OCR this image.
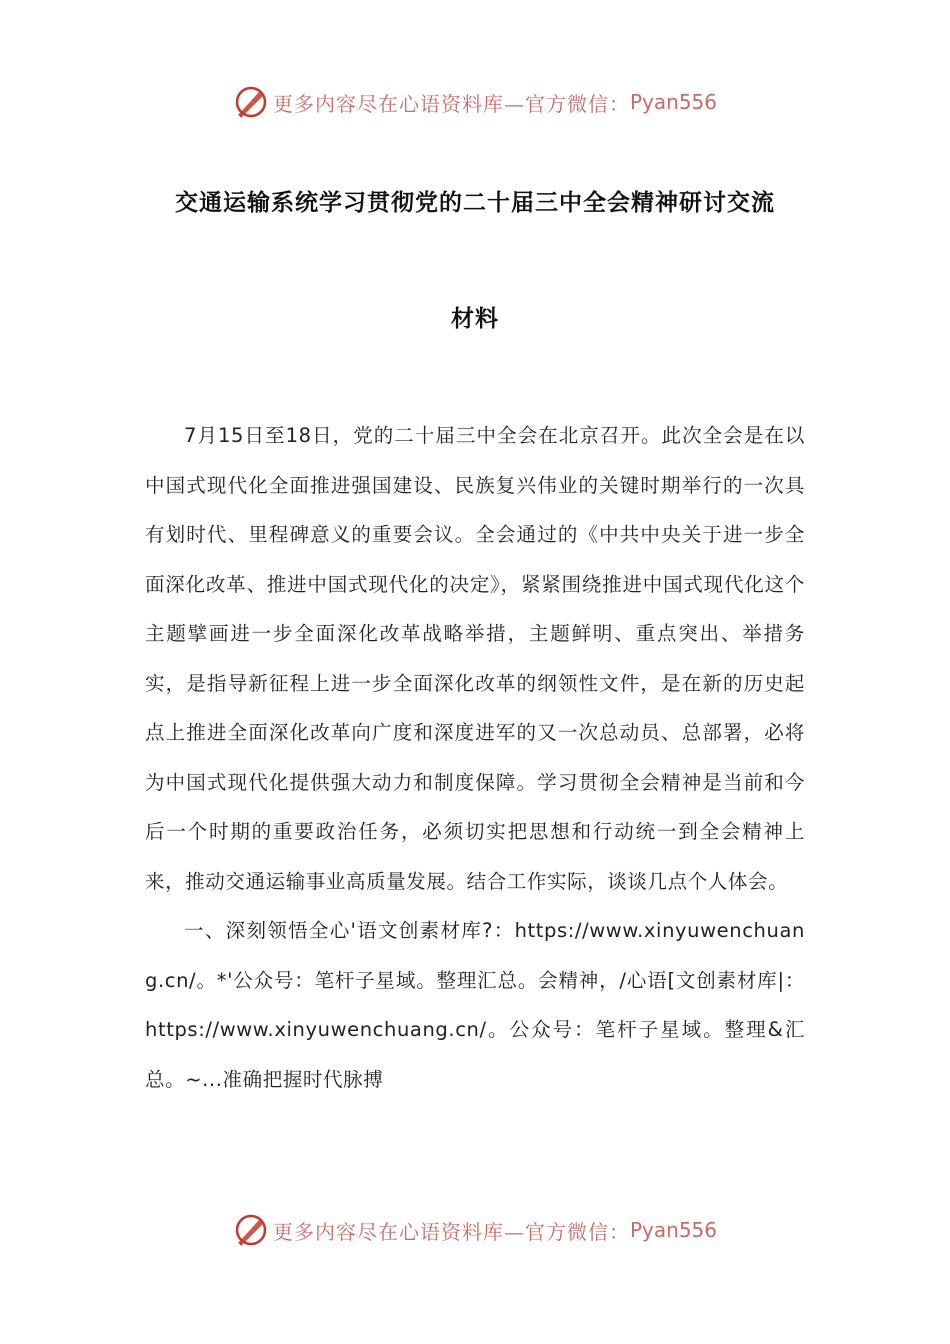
更多内容尽在心语资料库—官方微信： Pyan556
交通运输系统学习贯彻党的二十届三中全会精神研讨交流
材料

7月15日至18日，党的二十届三中全会在北京召开。此次全会是在以中国式现代化全面推进强国建设、民族复兴伟业的关键时期举行的一次具有划时代、里程碑意义的重要会议。全会通过的《中共中央关于进一步全面深化改革、推进中国式现代化的决定》，紧紧围绕推进中国式现代化这个主题擘画进一步全面深化改革战略举措，主题鲜明、重点突出、举措务实，是指导新征程上进一步全面深化改革的纲领性文件，是在新的历史起点上推进全面深化改革向广度和深度进军的又一次总动员、总部署，必将为中国式现代化提供强大动力和制度保障。学习贯彻全会精神是当前和今后一个时期的重要政治任务，必须切实把思想和行动统一到全会精神上来，推动交通运输事业高质量发展。结合工作实际，谈谈几点个人体会。

一、深刻领悟全心'语文创素材库?：https://www.xinyuwenchuang.cn/。*'公众号：笔杆子星域。整理汇总。会精神，/心语[文创素材库|：https://www.xinyuwenchuang.cn/。公众号：笔杆子星域。整理&汇总。~...准确把握时代脉搏

更多内容尽在心语资料库—官方微信： Pyan556
